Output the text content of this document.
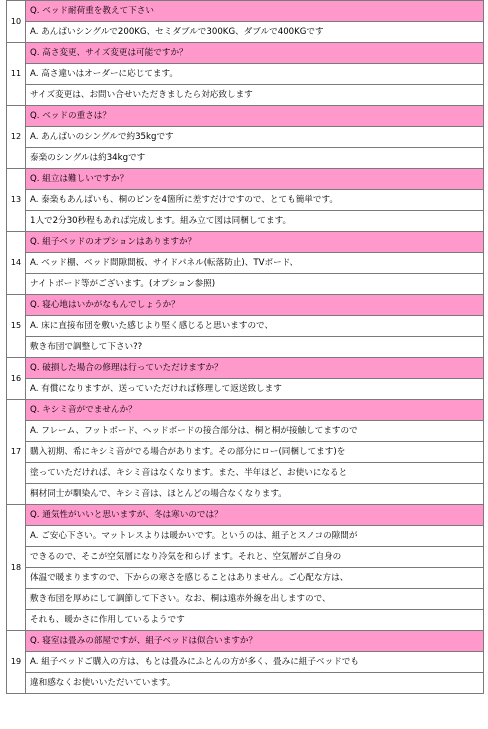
10	Q. ベッド耐荷重を教えて下さい
	A. あんばいシングルで200KG、セミダブルで300KG、ダブルで400KGです
11	Q. 高さ変更、サイズ変更は可能ですか？
	A. 高さ違いはオーダーに応じてます。
	サイズ変更は、お問い合せいただきましたら対応致します
12	Q. ベッドの重さは？
	A. あんばいのシングルで約35kgです
	泰楽のシングルは約34kgです
13	Q. 組立は難しいですか？
	A. 泰楽もあんばいも、桐のピンを4箇所に差すだけですので、とても簡単です。
	1人で2分30秒程もあれば完成します。組み立て図は同梱してます。
14	Q. 組子ベッドのオプションはありますか？
	A. ベッド棚、ベッド間隙間板、サイドパネル(転落防止)、TVボード、
	ナイトボード等がございます。(オプション参照)
15	Q. 寝心地はいかがなもんでしょうか？
	A. 床に直接布団を敷いた感じより堅く感じると思いますので、
	敷き布団で調整して下さい??
16	Q. 破損した場合の修理は行っていただけますか？
	A. 有償になりますが、送っていただければ修理して返送致します
17	Q. キシミ音がでませんか？
	A. フレーム、フットボード、ヘッドボードの接合部分は、桐と桐が接触してますので
	購入初期、希にキシミ音がでる場合があります。その部分にロー(同梱してます)を
	塗っていただければ、キシミ音はなくなります。また、半年ほど、お使いになると
	桐材同士が馴染んで、キシミ音は、ほとんどの場合なくなります。
18	Q. 通気性がいいと思いますが、冬は寒いのでは？
	A. ご安心下さい。マットレスよりは暖かいです。というのは、組子とスノコの隙間が
	できるので、そこが空気層になり冷気を和らげ ます。それと、空気層がご自身の
	体温で暖まりますので、下からの寒さを感じることはありません。ご心配な方は、
	敷き布団を厚めにして調節して下さい。なお、桐は遠赤外線を出しますので、
	それも、暖かさに作用しているようです
19	Q. 寝室は畳みの部屋ですが、組子ベッドは似合いますか？
	A. 組子ベッドご購入の方は、もとは畳みにふとんの方が多く、畳みに組子ベッドでも
	違和感なくお使いいただいています。
